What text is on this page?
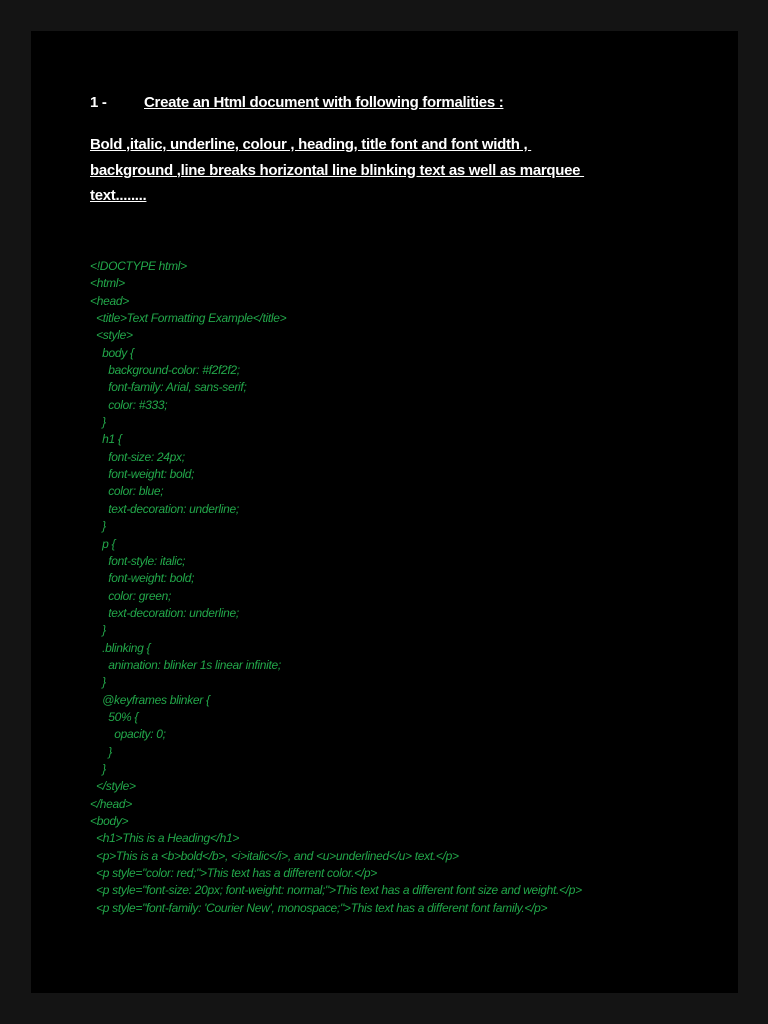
1 - Create an Html document with following formalities :
Bold ,italic, underline, colour , heading, title font and font width ,
background ,line breaks horizontal line blinking text as well as marquee
text........
<!DOCTYPE html>
<html>
<head>
<title>Text Formatting Example</title>
<style>
body {
background-color: #f2f2f2;
font-family: Arial, sans-serif;
color: #333;
}
h1 {
font-size: 24px;
font-weight: bold;
color: blue;
text-decoration: underline;
}
p {
font-style: italic;
font-weight: bold;
color: green;
text-decoration: underline;
}
.blinking {
animation: blinker 1s linear infinite;
}
@keyframes blinker {
50% {
opacity: 0;
}
}
</style>
</head>
<body>
<h1>This is a Heading</h1>
<p>This is a <b>bold</b>, <i>italic</i>, and <u>underlined</u> text.</p>
<p style="color: red;">This text has a different color.</p>
<p style="font-size: 20px; font-weight: normal;">This text has a different font size and weight.</p>
<p style="font-family: 'Courier New', monospace;">This text has a different font family.</p>
